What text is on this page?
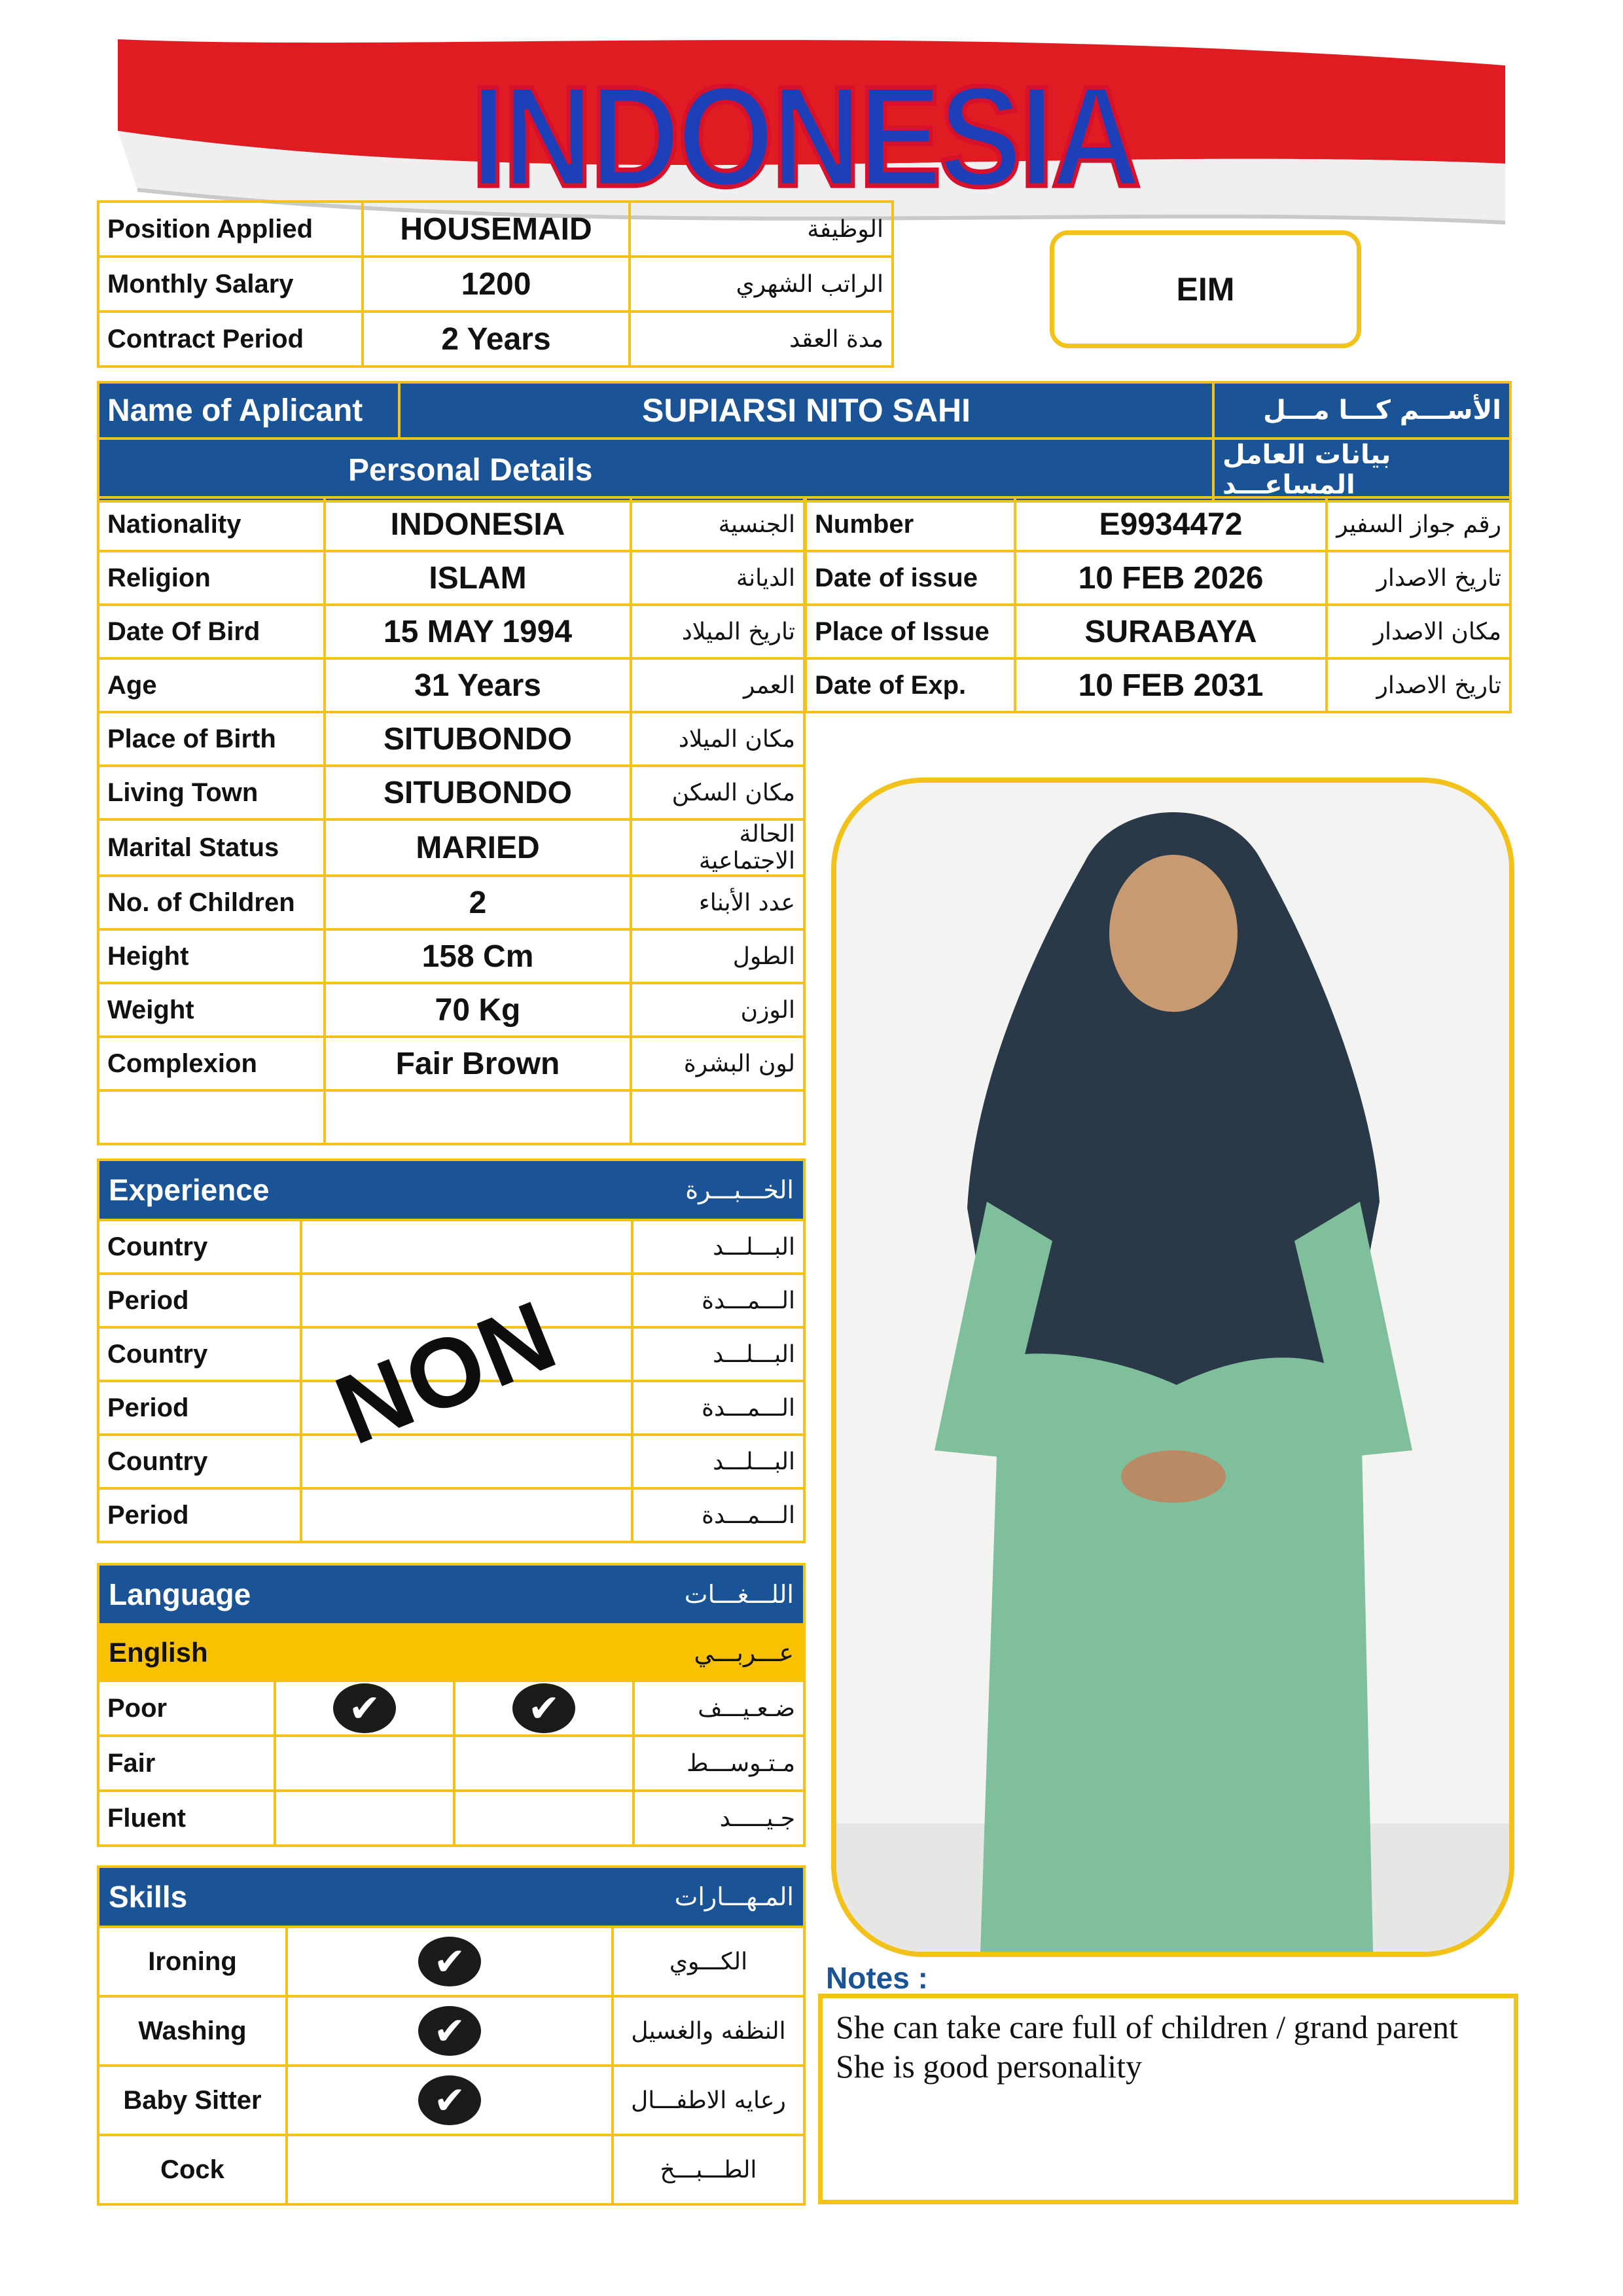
INDONESIA
Position Applied	HOUSEMAID	الوظيفة
Monthly Salary	1200	الراتب الشهري
Contract Period	2 Years	مدة العقد
EIM
Name of Aplicant	SUPIARSI NITO SAHI	الأســـم كـــا مـــل
Personal Details		بيانات العامل المساعـــد
Nationality	INDONESIA	الجنسية
Religion	ISLAM	الديانة
Date Of Bird	15 MAY 1994	تاريخ الميلاد
Age	31 Years	العمر
Place of Birth	SITUBONDO	مكان الميلاد
Living Town	SITUBONDO	مكان السكن
Marital Status	MARIED	الحالة الاجتماعية
No. of Children	2	عدد الأبناء
Height	158 Cm	الطول
Weight	70 Kg	الوزن
Complexion	Fair Brown	لون البشرة

Number	E9934472	رقم جواز السفير
Date of issue	10 FEB 2026	تاريخ الاصدار
Place of Issue	SURABAYA	مكان الاصدار
Date of Exp.	10 FEB 2031	تاريخ الاصدار
Experience	الخـــبـــرة
Country		البـــلـــد
Period		الـــمـــدة
Country		البـــلـــد
Period		الـــمـــدة
Country		البـــلـــد
Period		الـــمـــدة
NON
Language	اللـــغـــات
English	عـــربـــي
Poor	✔	✔	ضـعـيـــف
Fair			مـتـوســـط
Fluent			جـيـــــد
Skills	المـهـــارات
Ironing	✔	الكـــوي
Washing	✔	النظفه والغسيل
Baby Sitter	✔	رعايه الاطفـــال
Cock		الطـــبـــخ
Notes :
She can take care full of children / grand parent
She is good personality
